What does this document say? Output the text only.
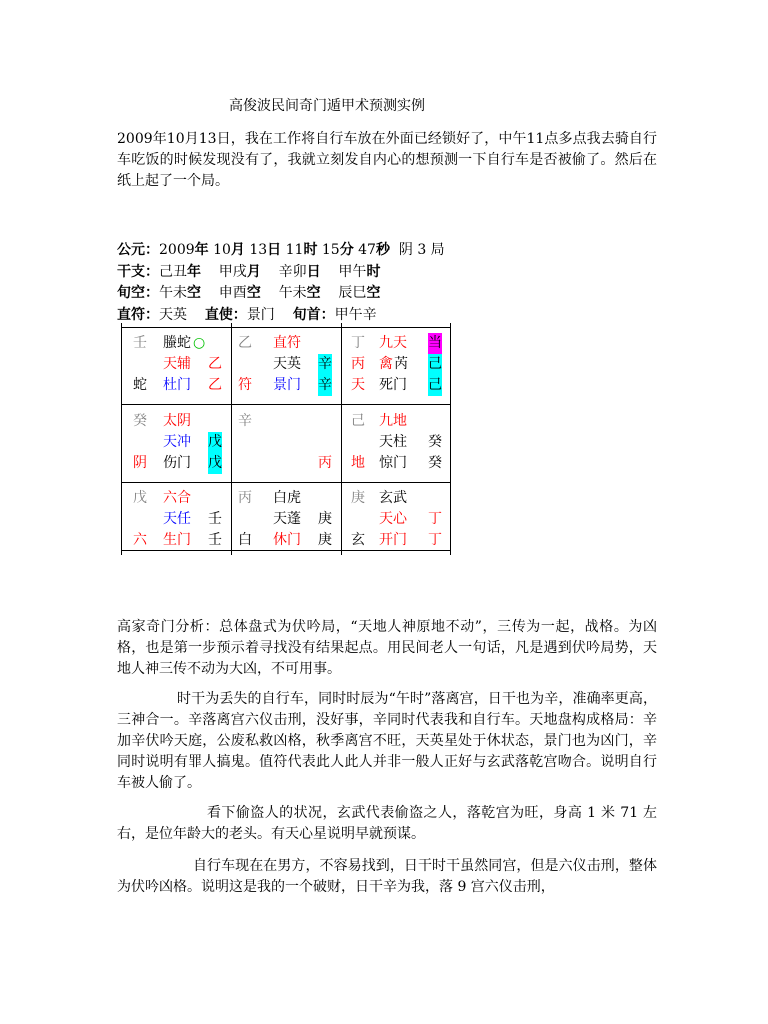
高俊波民间奇门遁甲术预测实例

2009年10月13日，我在工作将自行车放在外面已经锁好了，中午11点多点我去骑自行车吃饭的时候发现没有了，我就立刻发自内心的想预测一下自行车是否被偷了。然后在纸上起了一个局。

公元：2009年 10月 13日 11时 15分 47秒  阴 3 局
干支：己丑年    甲戌月    辛卯日    甲午时
旬空：午未空    申酉空    午未空    辰巳空
直符：天英    直使：景门    旬首：甲午辛
壬 螣蛇 ○
天辅 乙
蛇 杜门 乙
乙 直符
天英 辛
符 景门 辛
丁 九天 当
丙 禽 芮 己
天 死门 己
癸 太阴
天冲 戊
阴 伤门 戊
辛
丙
己 九地
天柱 癸
地 惊门 癸
戊 六合
天任 壬
六 生门 壬
丙 白虎
天蓬 庚
白 休门 庚
庚 玄武
天心 丁
玄 开门 丁

高家奇门分析：总体盘式为伏吟局，“天地人神原地不动”，三传为一起，战格。为凶格，也是第一步预示着寻找没有结果起点。用民间老人一句话，凡是遇到伏吟局势，天地人神三传不动为大凶，不可用事。

时干为丢失的自行车，同时时辰为“午时”落离宫，日干也为辛，准确率更高，三神合一。辛落离宫六仪击刑，没好事，辛同时代表我和自行车。天地盘构成格局：辛加辛伏吟天庭，公废私救凶格，秋季离宫不旺，天英星处于休状态，景门也为凶门，辛同时说明有罪人搞鬼。值符代表此人此人并非一般人正好与玄武落乾宫吻合。说明自行车被人偷了。

看下偷盗人的状况，玄武代表偷盗之人，落乾宫为旺，身高 1 米 71 左右，是位年龄大的老头。有天心星说明早就预谋。

自行车现在在男方，不容易找到，日干时干虽然同宫，但是六仪击刑，整体为伏吟凶格。说明这是我的一个破财，日干辛为我，落 9 宫六仪击刑，
